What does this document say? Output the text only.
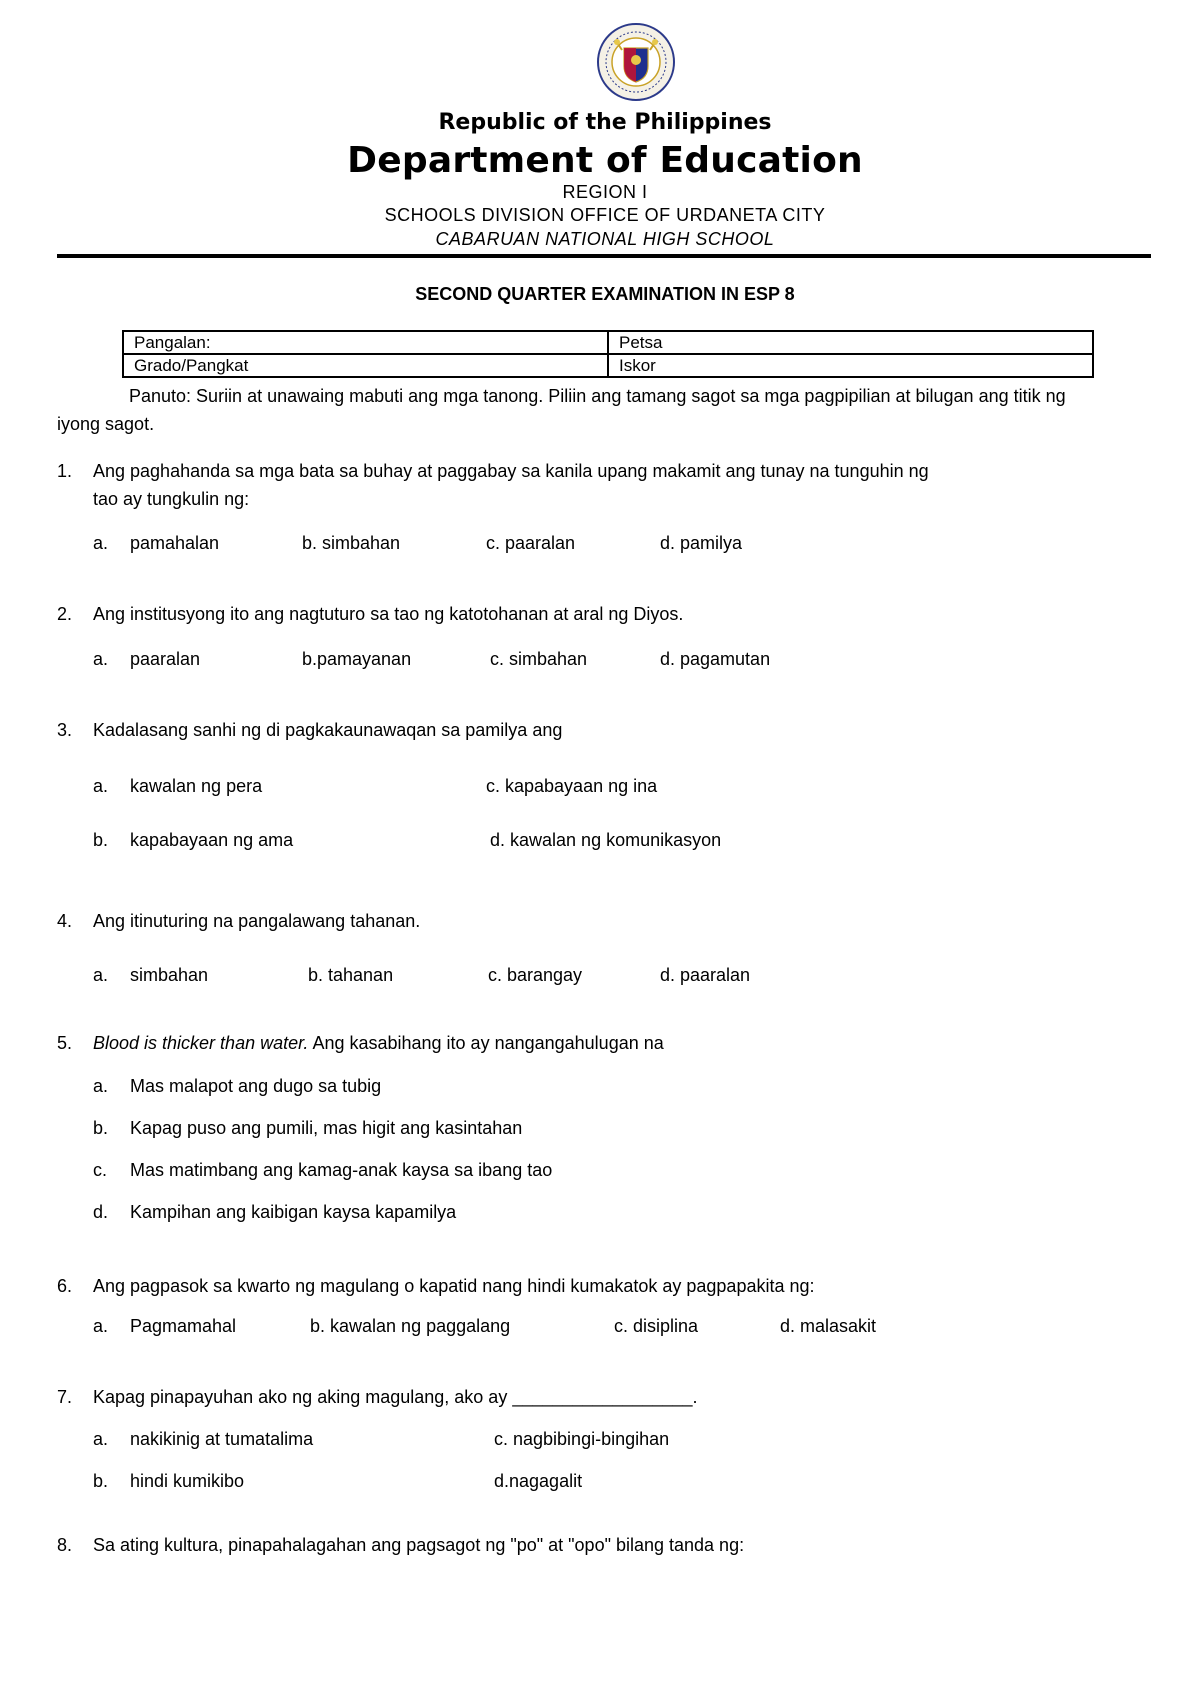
Republic of the Philippines
Department of Education
REGION I
SCHOOLS DIVISION OFFICE OF URDANETA CITY
CABARUAN NATIONAL HIGH SCHOOL
SECOND QUARTER EXAMINATION IN ESP 8
Pangalan:	Petsa
Grado/Pangkat	Iskor
Panuto: Suriin at unawaing mabuti ang mga tanong. Piliin ang tamang sagot sa mga pagpipilian at bilugan ang titik ng iyong sagot.
1. Ang paghahanda sa mga bata sa buhay at paggabay sa kanila upang makamit ang tunay na tunguhin ng
tao ay tungkulin ng:
a. pamahalan	b. simbahan	c. paaralan	d. pamilya
2. Ang institusyong ito ang nagtuturo sa tao ng katotohanan at aral ng Diyos.
a. paaralan	b.pamayanan	c. simbahan	d. pagamutan
3. Kadalasang sanhi ng di pagkakaunawaqan sa pamilya ang
a. kawalan ng pera	c. kapabayaan ng ina
b. kapabayaan ng ama	d. kawalan ng komunikasyon
4. Ang itinuturing na pangalawang tahanan.
a. simbahan	b. tahanan	c. barangay	d. paaralan
5. Blood is thicker than water. Ang kasabihang ito ay nangangahulugan na
a. Mas malapot ang dugo sa tubig
b. Kapag puso ang pumili, mas higit ang kasintahan
c. Mas matimbang ang kamag-anak kaysa sa ibang tao
d. Kampihan ang kaibigan kaysa kapamilya
6. Ang pagpasok sa kwarto ng magulang o kapatid nang hindi kumakatok ay pagpapakita ng:
a. Pagmamahal	b. kawalan ng paggalang	c. disiplina	d. malasakit
7. Kapag pinapayuhan ako ng aking magulang, ako ay __________________.
a. nakikinig at tumatalima	c. nagbibingi-bingihan
b. hindi kumikibo	d.nagagalit
8. Sa ating kultura, pinapahalagahan ang pagsagot ng "po" at "opo" bilang tanda ng:
